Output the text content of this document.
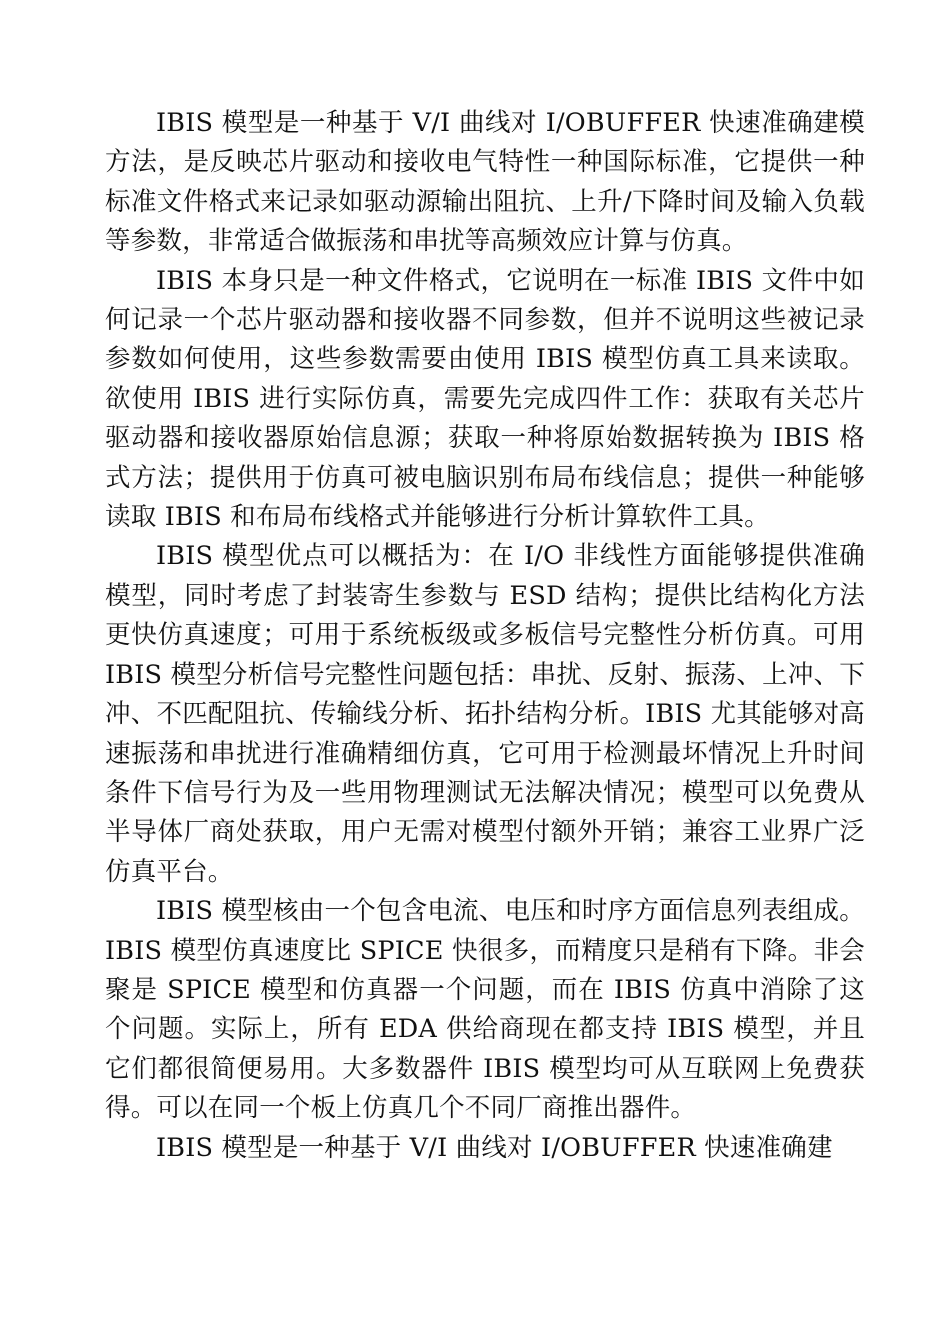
IBIS 模型是一种基于 V/I 曲线对 I/OBUFFER 快速准确建模方法，是反映芯片驱动和接收电气特性一种国际标准，它提供一种标准文件格式来记录如驱动源输出阻抗、上升/下降时间及输入负载等参数，非常适合做振荡和串扰等高频效应计算与仿真。

IBIS 本身只是一种文件格式，它说明在一标准 IBIS 文件中如何记录一个芯片驱动器和接收器不同参数，但并不说明这些被记录参数如何使用，这些参数需要由使用 IBIS 模型仿真工具来读取。欲使用 IBIS 进行实际仿真，需要先完成四件工作：获取有关芯片驱动器和接收器原始信息源；获取一种将原始数据转换为 IBIS 格式方法；提供用于仿真可被电脑识别布局布线信息；提供一种能够读取 IBIS 和布局布线格式并能够进行分析计算软件工具。

IBIS 模型优点可以概括为：在 I/O 非线性方面能够提供准确模型，同时考虑了封装寄生参数与 ESD 结构；提供比结构化方法更快仿真速度；可用于系统板级或多板信号完整性分析仿真。可用 IBIS 模型分析信号完整性问题包括：串扰、反射、振荡、上冲、下冲、不匹配阻抗、传输线分析、拓扑结构分析。IBIS 尤其能够对高速振荡和串扰进行准确精细仿真，它可用于检测最坏情况上升时间条件下信号行为及一些用物理测试无法解决情况；模型可以免费从半导体厂商处获取，用户无需对模型付额外开销；兼容工业界广泛仿真平台。

IBIS 模型核由一个包含电流、电压和时序方面信息列表组成。IBIS 模型仿真速度比 SPICE 快很多，而精度只是稍有下降。非会聚是 SPICE 模型和仿真器一个问题，而在 IBIS 仿真中消除了这个问题。实际上，所有 EDA 供给商现在都支持 IBIS 模型，并且它们都很简便易用。大多数器件 IBIS 模型均可从互联网上免费获得。可以在同一个板上仿真几个不同厂商推出器件。

IBIS 模型是一种基于 V/I 曲线对 I/OBUFFER 快速准确建
